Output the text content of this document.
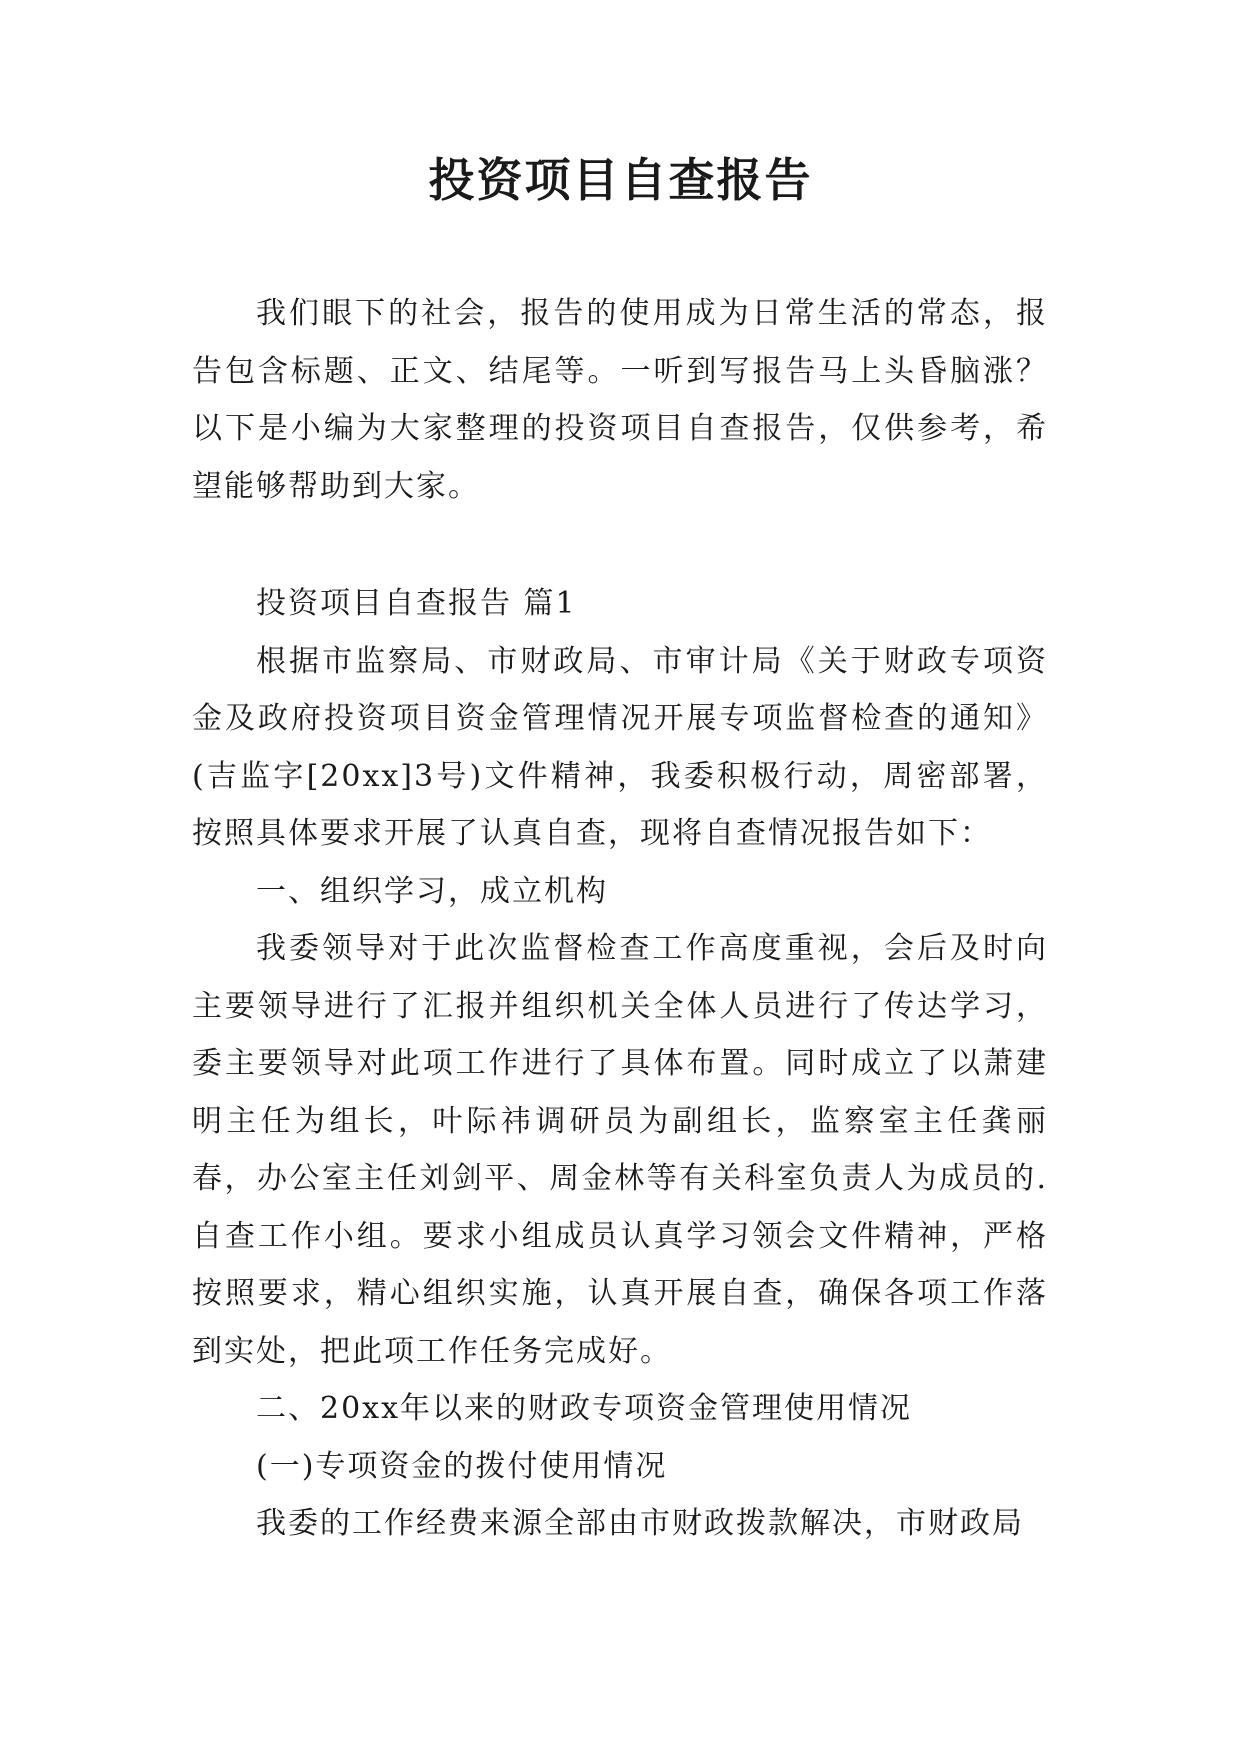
投资项目自查报告

我们眼下的社会，报告的使用成为日常生活的常态，报告包含标题、正文、结尾等。一听到写报告马上头昏脑涨？以下是小编为大家整理的投资项目自查报告，仅供参考，希望能够帮助到大家。

投资项目自查报告 篇1

根据市监察局、市财政局、市审计局《关于财政专项资金及政府投资项目资金管理情况开展专项监督检查的通知》(吉监字[20xx]3号)文件精神，我委积极行动，周密部署，按照具体要求开展了认真自查，现将自查情况报告如下：

一、组织学习，成立机构

我委领导对于此次监督检查工作高度重视，会后及时向主要领导进行了汇报并组织机关全体人员进行了传达学习，委主要领导对此项工作进行了具体布置。同时成立了以萧建明主任为组长，叶际祎调研员为副组长，监察室主任龚丽春，办公室主任刘剑平、周金林等有关科室负责人为成员的.自查工作小组。要求小组成员认真学习领会文件精神，严格按照要求，精心组织实施，认真开展自查，确保各项工作落到实处，把此项工作任务完成好。

二、20xx年以来的财政专项资金管理使用情况

(一)专项资金的拨付使用情况

我委的工作经费来源全部由市财政拨款解决，市财政局
